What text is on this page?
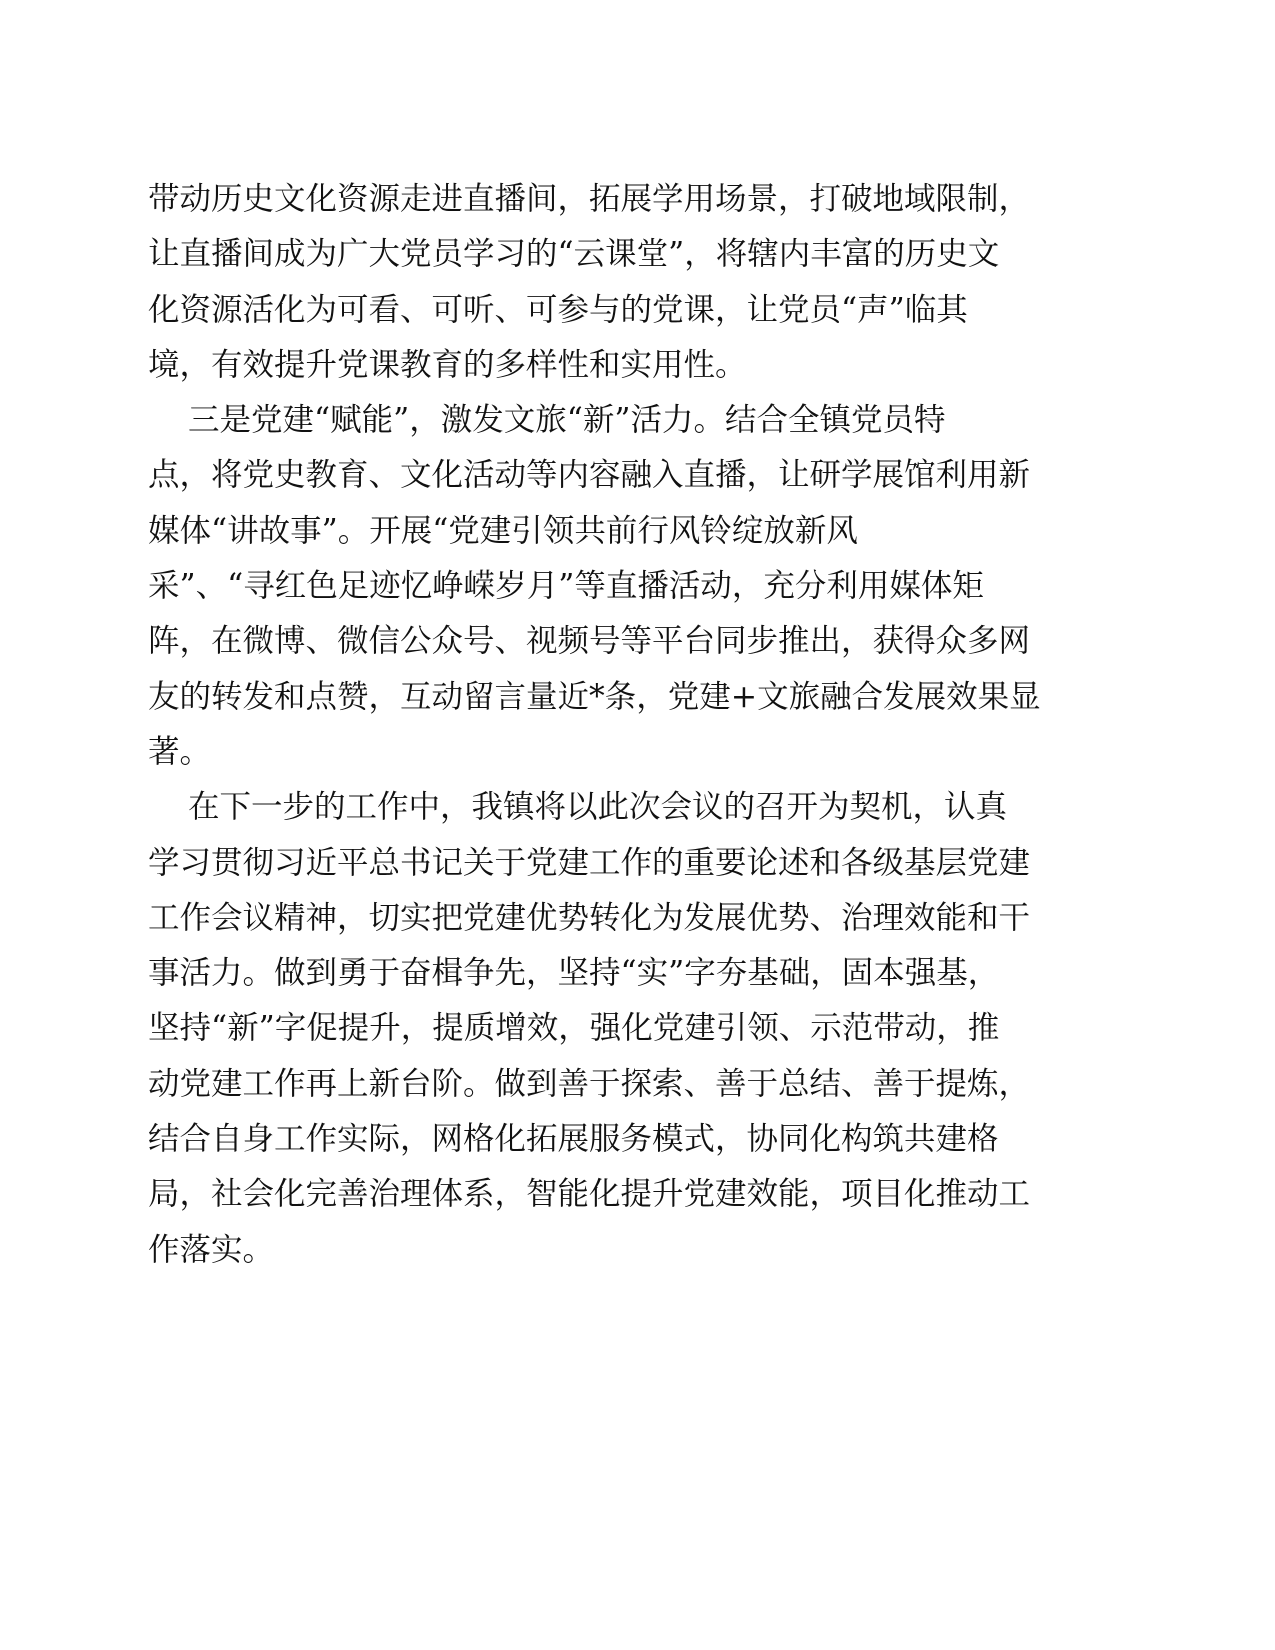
带动历史文化资源走进直播间，拓展学用场景，打破地域限制，
让直播间成为广大党员学习的“云课堂”，将辖内丰富的历史文
化资源活化为可看、可听、可参与的党课，让党员“声”临其
境，有效提升党课教育的多样性和实用性。
三是党建“赋能”，激发文旅“新”活力。结合全镇党员特
点，将党史教育、文化活动等内容融入直播，让研学展馆利用新
媒体“讲故事”。开展“党建引领共前行风铃绽放新风
采”、“寻红色足迹忆峥嵘岁月”等直播活动，充分利用媒体矩
阵，在微博、微信公众号、视频号等平台同步推出，获得众多网
友的转发和点赞，互动留言量近*条，党建+文旅融合发展效果显
著。
在下一步的工作中，我镇将以此次会议的召开为契机，认真
学习贯彻习近平总书记关于党建工作的重要论述和各级基层党建
工作会议精神，切实把党建优势转化为发展优势、治理效能和干
事活力。做到勇于奋楫争先，坚持“实”字夯基础，固本强基，
坚持“新”字促提升，提质增效，强化党建引领、示范带动，推
动党建工作再上新台阶。做到善于探索、善于总结、善于提炼，
结合自身工作实际，网格化拓展服务模式，协同化构筑共建格
局，社会化完善治理体系，智能化提升党建效能，项目化推动工
作落实。
